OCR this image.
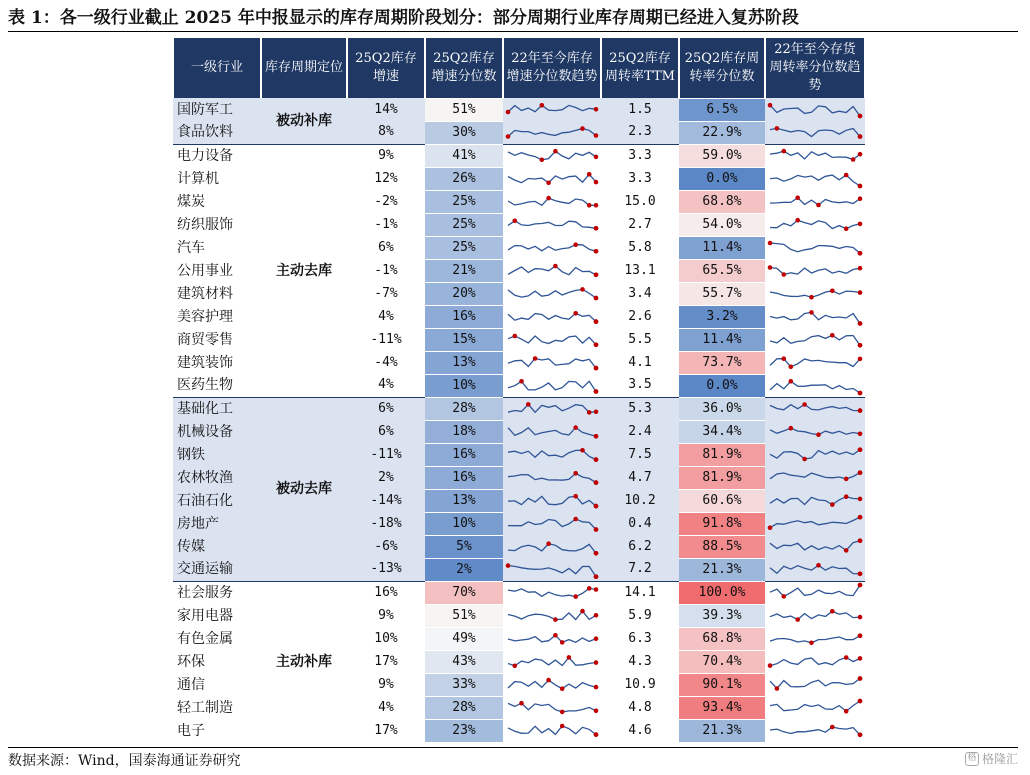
表 1：各一级行业截止 2025 年中报显示的库存周期阶段划分：部分周期行业库存周期已经进入复苏阶段
一级行业	库存周期定位	25Q2库存增速	25Q2库存增速分位数	22年至今库存增速分位数趋势	25Q2库存周转率TTM	25Q2库存周转率分位数	22年至今存货周转率分位数趋势
国防军工	被动补库	14%	51%		1.5	6.5%	

食品饮料		8%	30%		2.3	22.9%	

电力设备	主动去库	9%	41%		3.3	59.0%	

计算机		12%	26%		3.3	0.0%	

煤炭		-2%	25%		15.0	68.8%	

纺织服饰		-1%	25%		2.7	54.0%	

汽车		6%	25%		5.8	11.4%	

公用事业		-1%	21%		13.1	65.5%	

建筑材料		-7%	20%		3.4	55.7%	

美容护理		4%	16%		2.6	3.2%	

商贸零售		-11%	15%		5.5	11.4%	

建筑装饰		-4%	13%		4.1	73.7%	

医药生物		4%	10%		3.5	0.0%	

基础化工	被动去库	6%	28%		5.3	36.0%	

机械设备		6%	18%		2.4	34.4%	

钢铁		-11%	16%		7.5	81.9%	

农林牧渔		2%	16%		4.7	81.9%	

石油石化		-14%	13%		10.2	60.6%	

房地产		-18%	10%		0.4	91.8%	

传媒		-6%	5%		6.2	88.5%	

交通运输		-13%	2%		7.2	21.3%	

社会服务	主动补库	16%	70%		14.1	100.0%	

家用电器		9%	51%		5.9	39.3%	

有色金属		10%	49%		6.3	68.8%	

环保		17%	43%		4.3	70.4%	

通信		9%	33%		10.9	90.1%	

轻工制造		4%	28%		4.8	93.4%	

电子		17%	23%		4.6	21.3%	
数据来源：Wind，国泰海通证券研究	格 格隆汇
